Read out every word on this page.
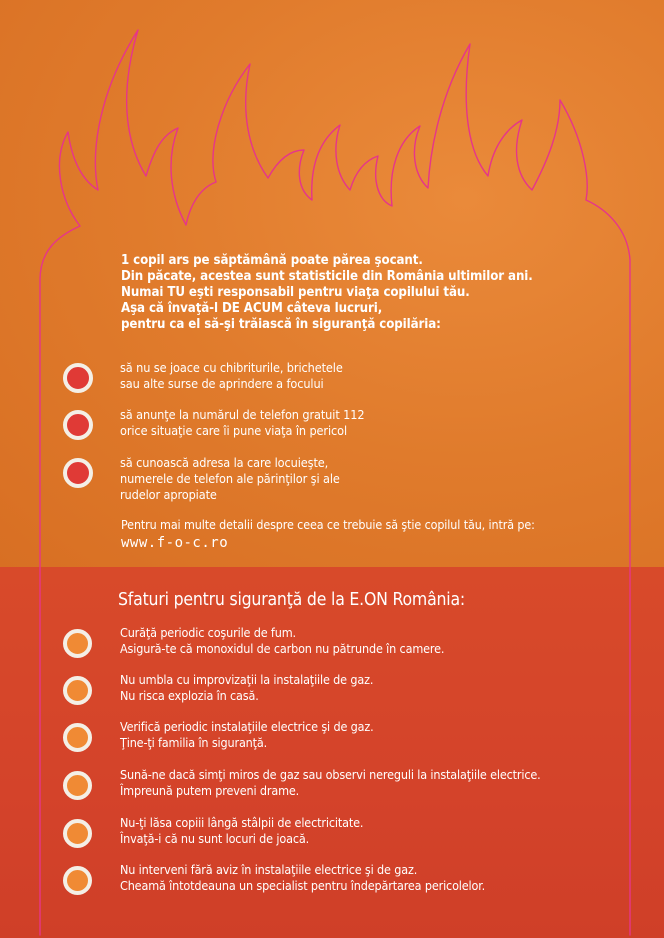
1 copil ars pe săptămână poate părea şocant.
Din păcate, acestea sunt statisticile din România ultimilor ani.
Numai TU eşti responsabil pentru viaţa copilului tău.
Aşa că învaţă-l DE ACUM câteva lucruri,
pentru ca el să-şi trăiască în siguranţă copilăria:
să nu se joace cu chibriturile, brichetele
sau alte surse de aprindere a focului
să anunţe la numărul de telefon gratuit 112
orice situaţie care îi pune viaţa în pericol
să cunoască adresa la care locuieşte,
numerele de telefon ale părinţilor şi ale
rudelor apropiate
Pentru mai multe detalii despre ceea ce trebuie să ştie copilul tău, intră pe:
www.f-o-c.ro
Sfaturi pentru siguranţă de la E.ON România:
Curăţă periodic coşurile de fum.
Asigură-te că monoxidul de carbon nu pătrunde în camere.
Nu umbla cu improvizaţii la instalaţiile de gaz.
Nu risca explozia în casă.
Verifică periodic instalaţiile electrice şi de gaz.
Ţine-ţi familia în siguranţă.
Sună-ne dacă simţi miros de gaz sau observi nereguli la instalaţiile electrice.
Împreună putem preveni drame.
Nu-ţi lăsa copiii lângă stâlpii de electricitate.
Învaţă-i că nu sunt locuri de joacă.
Nu interveni fără aviz în instalaţiile electrice şi de gaz.
Cheamă întotdeauna un specialist pentru îndepărtarea pericolelor.
